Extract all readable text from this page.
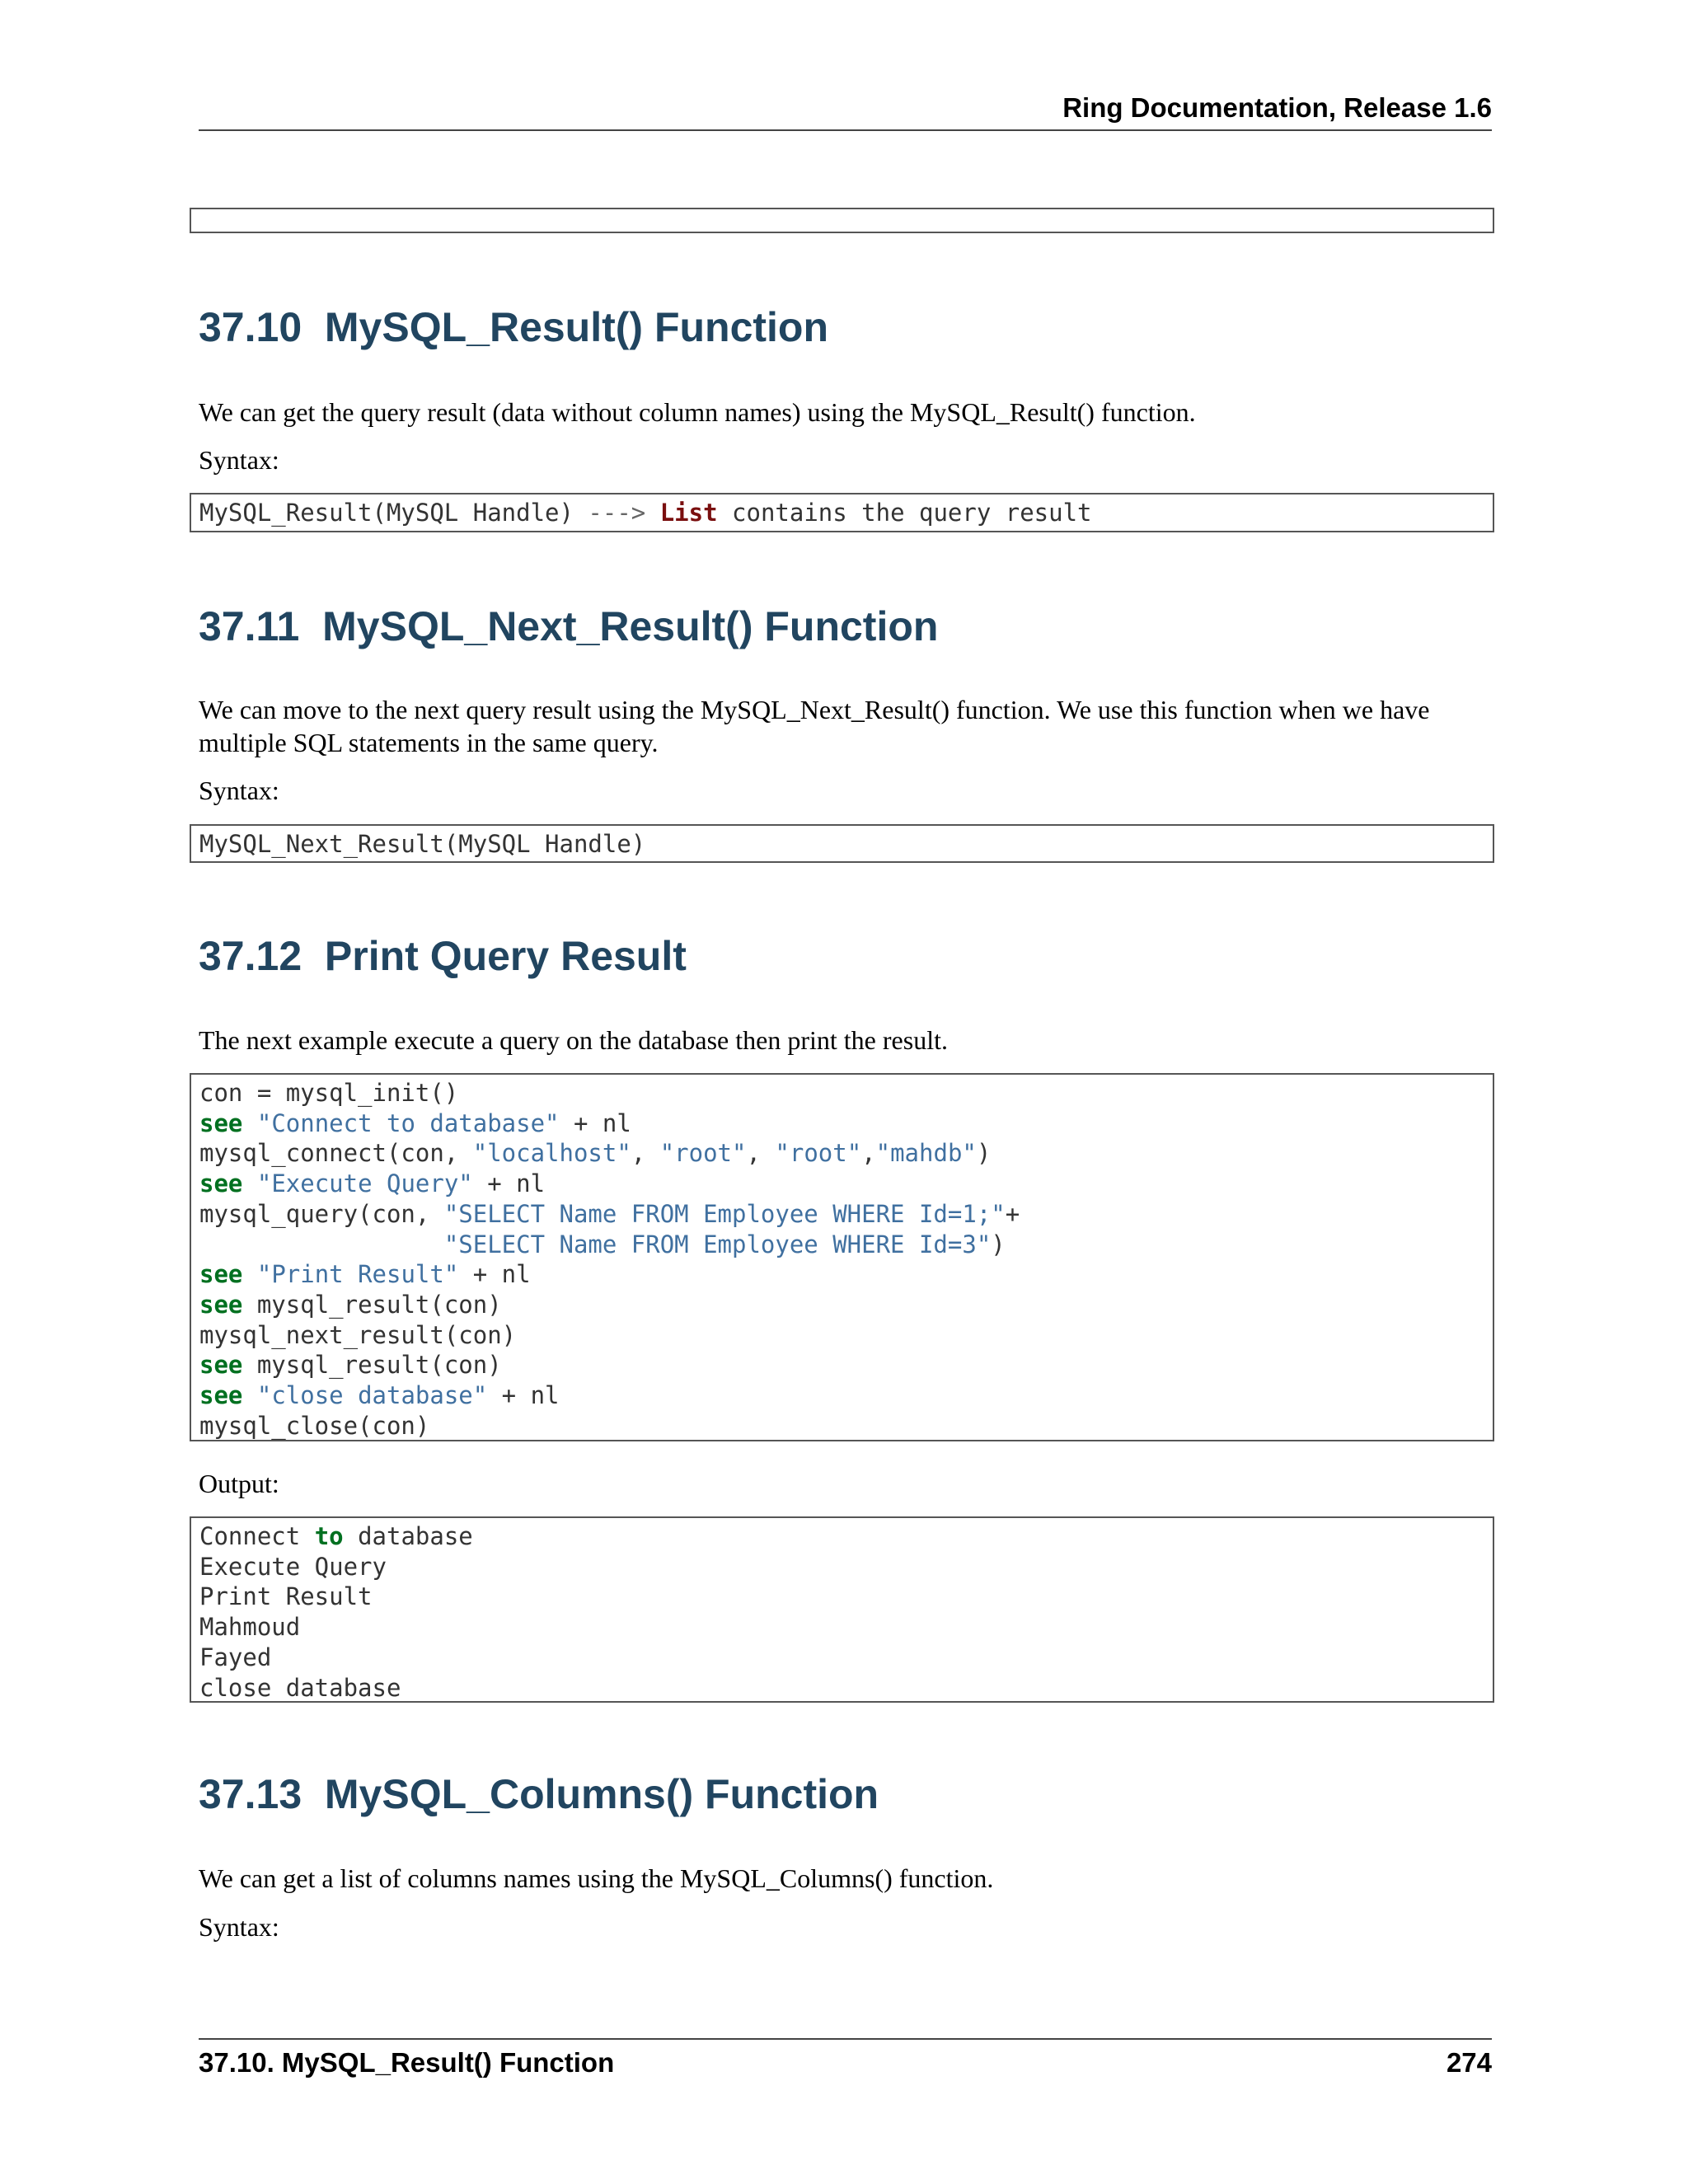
Ring Documentation, Release 1.6
37.10  MySQL_Result() Function

We can get the query result (data without column names) using the MySQL_Result() function.

Syntax:

MySQL_Result(MySQL Handle) ---> List contains the query result
37.11  MySQL_Next_Result() Function

We can move to the next query result using the MySQL_Next_Result() function. We use this function when we have multiple SQL statements in the same query.

Syntax:

MySQL_Next_Result(MySQL Handle)
37.12  Print Query Result

The next example execute a query on the database then print the result.

con = mysql_init()
see "Connect to database" + nl
mysql_connect(con, "localhost", "root", "root","mahdb")
see "Execute Query" + nl
mysql_query(con, "SELECT Name FROM Employee WHERE Id=1;"+
"SELECT Name FROM Employee WHERE Id=3")
see "Print Result" + nl
see mysql_result(con)
mysql_next_result(con)
see mysql_result(con)
see "close database" + nl
mysql_close(con)

Output:

Connect to database
Execute Query
Print Result
Mahmoud
Fayed
close database
37.13  MySQL_Columns() Function

We can get a list of columns names using the MySQL_Columns() function.

Syntax:

37.10. MySQL_Result() Function	274
